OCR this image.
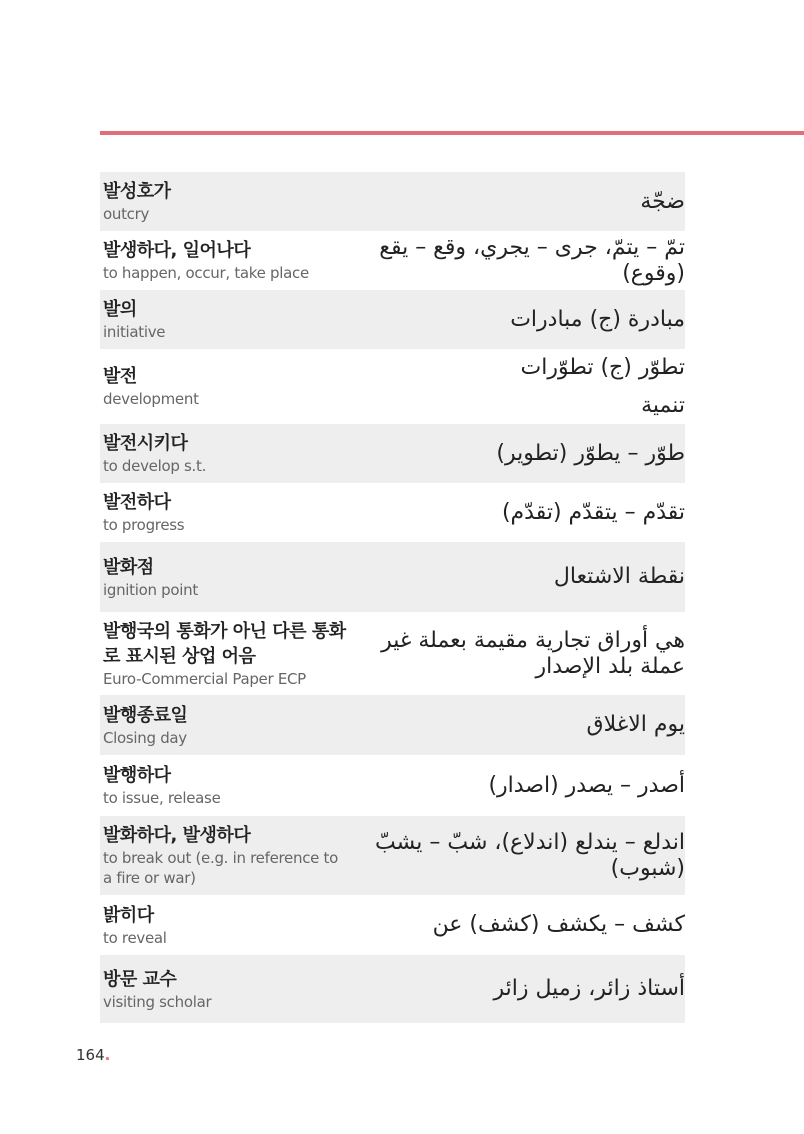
발성호가
outcry
ضجّة
발생하다, 일어나다
to happen, occur, take place
تمّ – يتمّ، جرى – يجري، وقع – يقع (وقوع)
발의
initiative
مبادرة (ج) مبادرات
발전
development
تطوّر (ج) تطوّرات
تنمية
발전시키다
to develop s.t.
طوّر – يطوّر (تطوير)
발전하다
to progress
تقدّم – يتقدّم (تقدّم)
발화점
ignition point
نقطة الاشتعال
발행국의 통화가 아닌 다른 통화로 표시된 상업 어음
Euro-Commercial Paper ECP
هي أوراق تجارية مقيمة بعملة غير عملة بلد الإصدار
발행종료일
Closing day
يوم الاغلاق
발행하다
to issue, release
أصدر – يصدر (اصدار)
발화하다, 발생하다
to break out (e.g. in reference to a fire or war)
اندلع – يندلع (اندلاع)، شبّ – يشبّ (شبوب)
밝히다
to reveal
كشف – يكشف (كشف) عن
방문 교수
visiting scholar
أستاذ زائر، زميل زائر
164.
